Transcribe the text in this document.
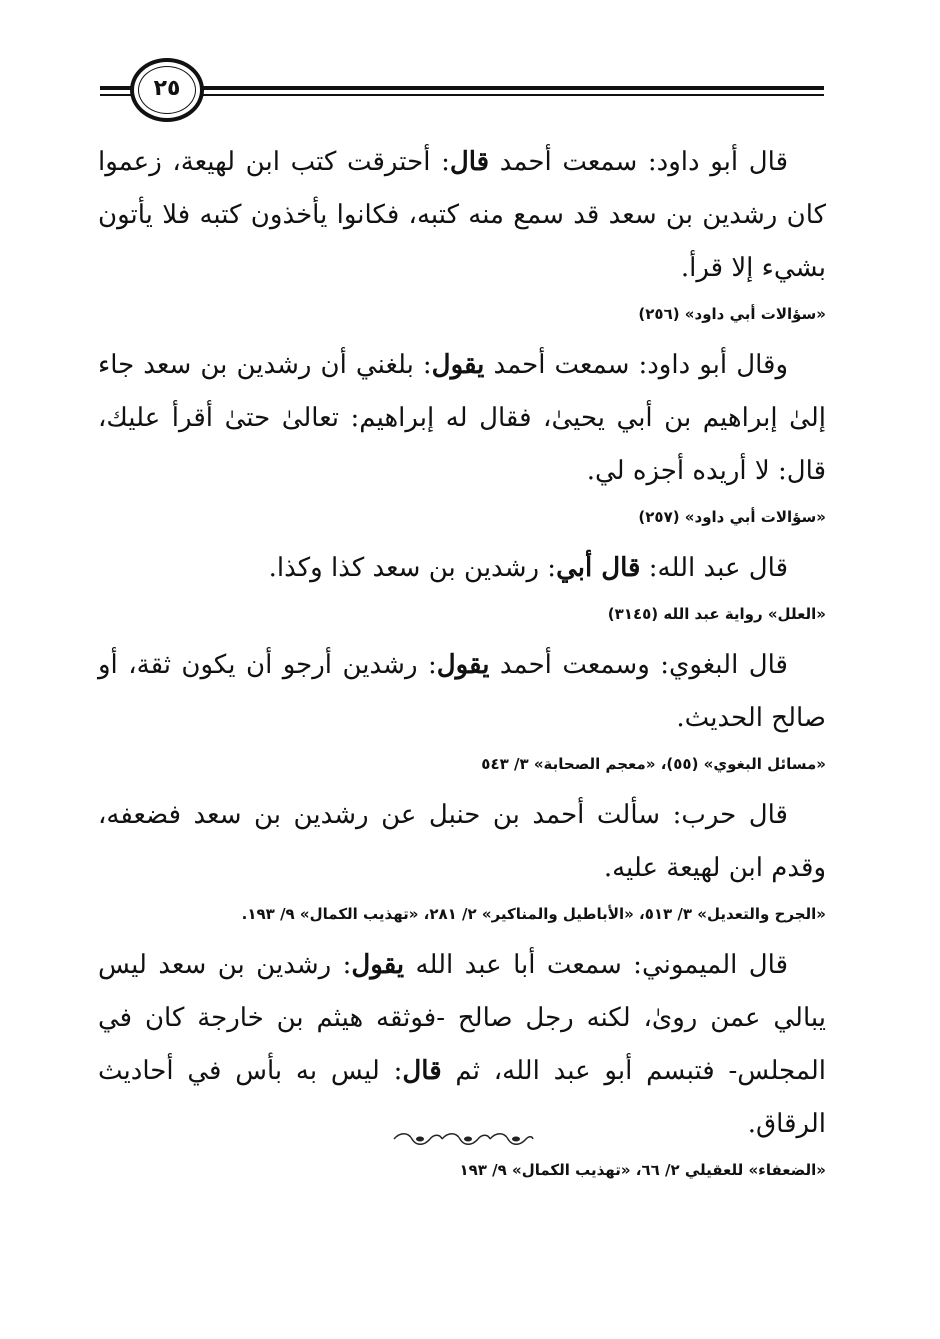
٢٥

قال أبو داود: سمعت أحمد قال: أحترقت كتب ابن لهيعة، زعموا كان رشدين بن سعد قد سمع منه كتبه، فكانوا يأخذون كتبه فلا يأتون بشيء إلا قرأ.

«سؤالات أبي داود» (٢٥٦)

وقال أبو داود: سمعت أحمد يقول: بلغني أن رشدين بن سعد جاء إلىٰ إبراهيم بن أبي يحيىٰ، فقال له إبراهيم: تعالىٰ حتىٰ أقرأ عليك، قال: لا أريده أجزه لي.

«سؤالات أبي داود» (٢٥٧)

قال عبد الله: قال أبي: رشدين بن سعد كذا وكذا.

«العلل» رواية عبد الله (٣١٤٥)

قال البغوي: وسمعت أحمد يقول: رشدين أرجو أن يكون ثقة، أو صالح الحديث.

«مسائل البغوي» (٥٥)، «معجم الصحابة» ٣/ ٥٤٣

قال حرب: سألت أحمد بن حنبل عن رشدين بن سعد فضعفه، وقدم ابن لهيعة عليه.

«الجرح والتعديل» ٣/ ٥١٣، «الأباطيل والمناكير» ٢/ ٢٨١، «تهذيب الكمال» ٩/ ١٩٣.

قال الميموني: سمعت أبا عبد الله يقول: رشدين بن سعد ليس يبالي عمن روىٰ، لكنه رجل صالح -فوثقه هيثم بن خارجة كان في المجلس- فتبسم أبو عبد الله، ثم قال: ليس به بأس في أحاديث الرقاق.

«الضعفاء» للعقيلي ٢/ ٦٦، «تهذيب الكمال» ٩/ ١٩٣
